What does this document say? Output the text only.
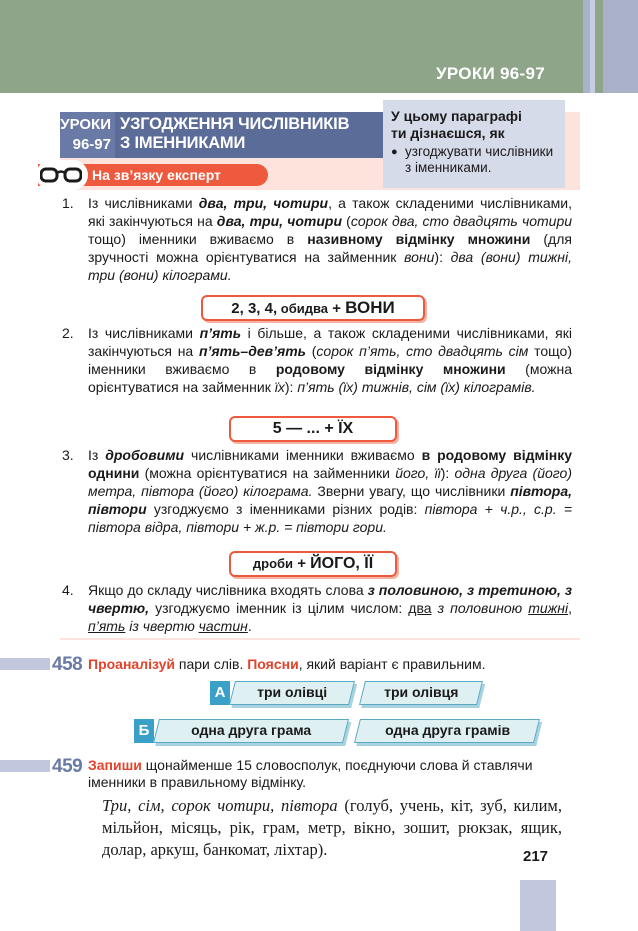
УРОКИ 96-97
УРОКИ
96-97
УЗГОДЖЕННЯ ЧИСЛІВНИКІВ
З ІМЕННИКАМИ
У цьому параграфі
ти дізнаєшся, як
● узгоджувати числівники з іменниками.
На зв’язку експерт
1.	Із числівниками два, три, чотири, а також складеними числівниками, які закінчуються на два, три, чотири (сорок два, сто двадцять чотири тощо) іменники вживаємо в називному відмінку множини (для зручності можна орієнтуватися на займенник вони): два (вони) тижні, три (вони) кілограми.
2, 3, 4, обидва + ВОНИ
2.	Із числівниками п’ять і більше, а також складеними числівниками, які закінчуються на п’ять–дев’ять (сорок п’ять, сто двадцять сім тощо) іменники вживаємо в родовому відмінку множини (можна орієнтуватися на займенник їх): п’ять (їх) тижнів, сім (їх) кілограмів.
5 — ... + ЇХ
3.	Із дробовими числівниками іменники вживаємо в родовому відмінку однини (можна орієнтуватися на займенники його, її): одна друга (його) метра, півтора (його) кілограма. Зверни увагу, що числівники півтора, півтори узгоджуємо з іменниками різних родів: півтора + ч.р., с.р. = півтора відра, півтори + ж.р. = півтори гори.
дроби + ЙОГО, ЇЇ
4.	Якщо до складу числівника входять слова з половиною, з третиною, з чвертю, узгоджуємо іменник із цілим числом: два з половиною тижні, п’ять із чвертю частин.
458 Проаналізуй пари слів. Поясни, який варіант є правильним.
А	три олівці	три олівця
Б	одна друга грама	одна друга грамів
459 Запиши щонайменше 15 словосполук, поєднуючи слова й ставлячи іменники в правильному відмінку.
Три, сім, сорок чотири, півтора (голуб, учень, кіт, зуб, килим, мільйон, місяць, рік, грам, метр, вікно, зошит, рюкзак, ящик, долар, аркуш, банкомат, ліхтар).	217
